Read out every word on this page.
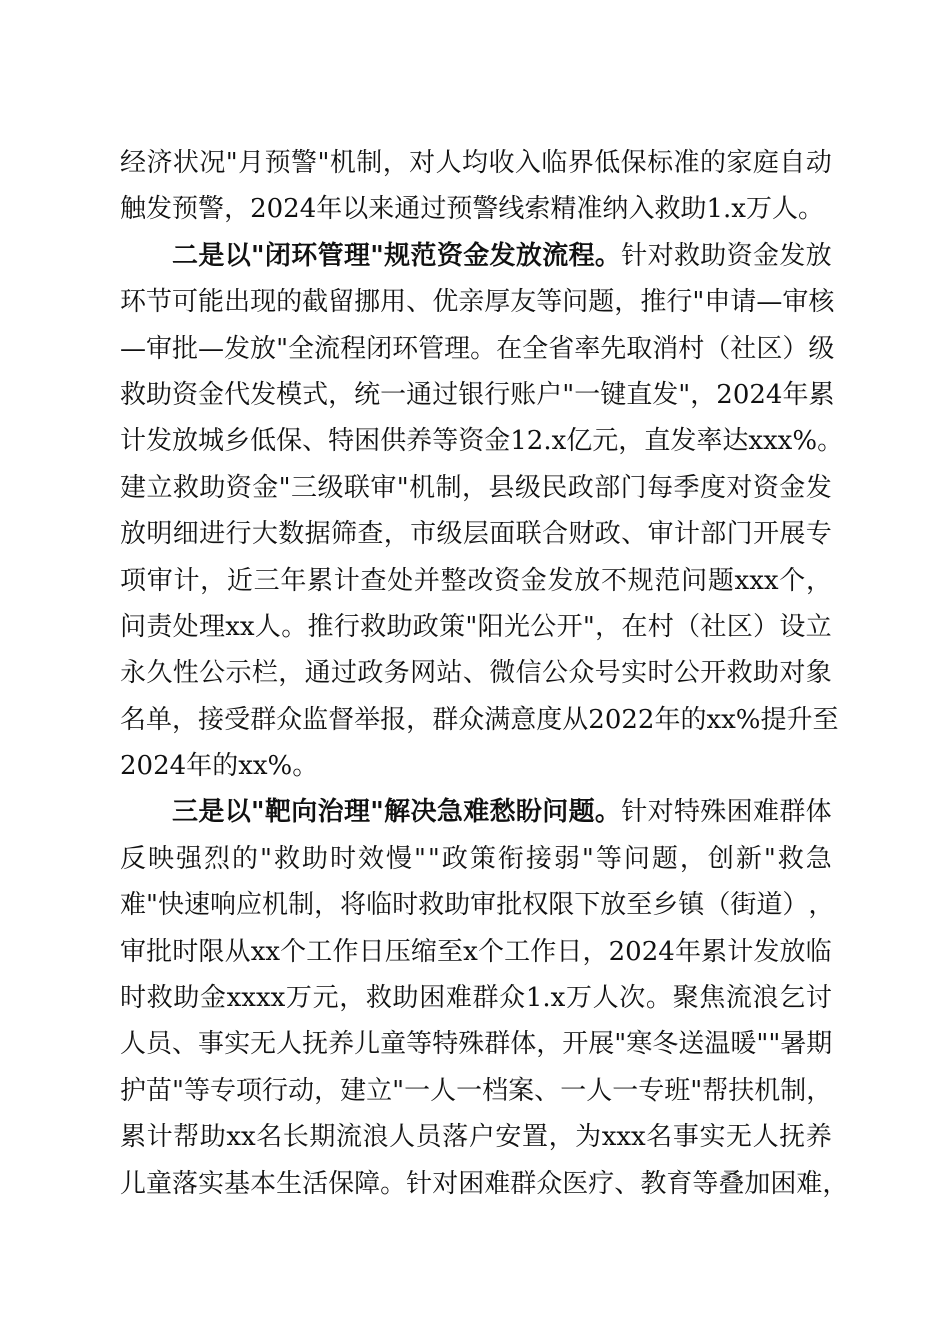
经 济 状 况 " 月 预 警 " 机 制 ， 对 人 均 收 入 临 界 低 保 标 准 的 家 庭 自 动
触 发 预 警 ， 2024 年 以 来 通 过 预 警 线 索 精 准 纳 入 救 助 1.x 万 人 。
二 是 以 " 闭 环 管 理 " 规 范 资 金 发 放 流 程 。 针 对 救 助 资 金 发 放
环 节 可 能 出 现 的 截 留 挪 用 、 优 亲 厚 友 等 问 题 ， 推 行 " 申 请 — 审 核
— 审 批 — 发 放 " 全 流 程 闭 环 管 理 。 在 全 省 率 先 取 消 村 （ 社 区 ） 级
救 助 资 金 代 发 模 式 ， 统 一 通 过 银 行 账 户 " 一 键 直 发 " ， 2024 年 累
计 发 放 城 乡 低 保 、 特 困 供 养 等 资 金 12.x 亿 元 ， 直 发 率 达 xxx% 。
建 立 救 助 资 金 " 三 级 联 审 " 机 制 ， 县 级 民 政 部 门 每 季 度 对 资 金 发
放 明 细 进 行 大 数 据 筛 查 ， 市 级 层 面 联 合 财 政 、 审 计 部 门 开 展 专
项 审 计 ， 近 三 年 累 计 查 处 并 整 改 资 金 发 放 不 规 范 问 题 xxx 个 ，
问 责 处 理 xx 人 。 推 行 救 助 政 策 " 阳 光 公 开 " ， 在 村 （ 社 区 ） 设 立
永 久 性 公 示 栏 ， 通 过 政 务 网 站 、 微 信 公 众 号 实 时 公 开 救 助 对 象
名 单 ， 接 受 群 众 监 督 举 报 ， 群 众 满 意 度 从 2022 年 的 xx% 提 升 至
2024 年 的 xx% 。
三 是 以 " 靶 向 治 理 " 解 决 急 难 愁 盼 问 题 。 针 对 特 殊 困 难 群 体
反 映 强 烈 的 " 救 助 时 效 慢 " " 政 策 衔 接 弱 " 等 问 题 ， 创 新 " 救 急
难 " 快 速 响 应 机 制 ， 将 临 时 救 助 审 批 权 限 下 放 至 乡 镇 （ 街 道 ） ，
审 批 时 限 从 xx 个 工 作 日 压 缩 至 x 个 工 作 日 ， 2024 年 累 计 发 放 临
时 救 助 金 xxxx 万 元 ， 救 助 困 难 群 众 1.x 万 人 次 。 聚 焦 流 浪 乞 讨
人 员 、 事 实 无 人 抚 养 儿 童 等 特 殊 群 体 ， 开 展 " 寒 冬 送 温 暖 " " 暑 期
护 苗 " 等 专 项 行 动 ， 建 立 " 一 人 一 档 案 、 一 人 一 专 班 " 帮 扶 机 制 ，
累 计 帮 助 xx 名 长 期 流 浪 人 员 落 户 安 置 ， 为 xxx 名 事 实 无 人 抚 养
儿 童 落 实 基 本 生 活 保 障 。 针 对 困 难 群 众 医 疗 、 教 育 等 叠 加 困 难 ，
